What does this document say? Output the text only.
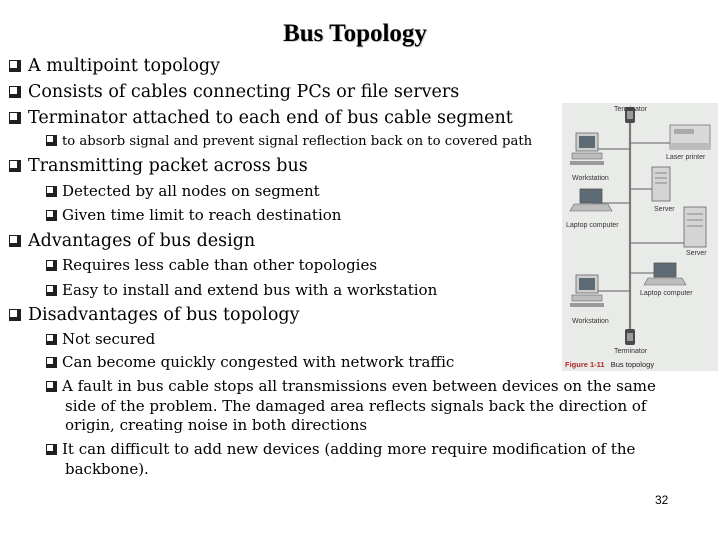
Bus Topology
A multipoint topology
Consists of cables connecting PCs or file servers
Terminator attached to each end of bus cable segment
to absorb signal and prevent signal reflection back on to covered path
Transmitting packet across bus
Detected by all nodes on segment
Given time limit to reach destination
Advantages of bus design
Requires less cable than other topologies
Easy to install and extend bus with a workstation
Disadvantages of bus topology
Not secured
Can become quickly congested with network traffic
A fault in bus cable stops all transmissions even between devices on the same
side of the problem. The damaged area reflects signals back the direction of
origin, creating noise in both directions
It can difficult to add new devices (adding more require modification of the
backbone).
32
Terminator
Laser printer
Workstation
Server
Laptop computer
Server
Laptop computer
Workstation
Terminator
Figure 1-11 Bus topology
